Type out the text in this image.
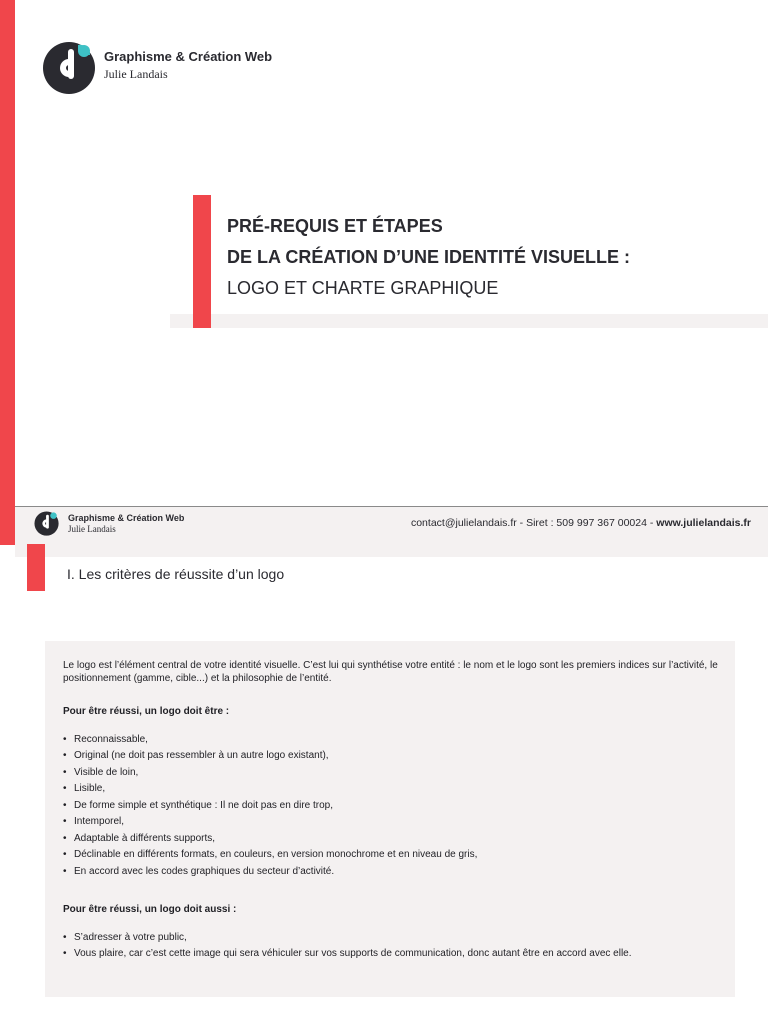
Graphisme & Création Web
Julie Landais
PRÉ-REQUIS ET ÉTAPES
DE LA CRÉATION D’UNE IDENTITÉ VISUELLE :
LOGO ET CHARTE GRAPHIQUE
Graphisme & Création Web
Julie Landais	contact@julielandais.fr - Siret : 509 997 367 00024 - www.julielandais.fr
I. Les critères de réussite d’un logo

Le logo est l’élément central de votre identité visuelle. C’est lui qui synthétise votre entité : le nom et le logo sont les premiers indices sur l’activité, le positionnement (gamme, cible...) et la philosophie de l’entité.

Pour être réussi, un logo doit être :

• Reconnaissable,
• Original (ne doit pas ressembler à un autre logo existant),
• Visible de loin,
• Lisible,
• De forme simple et synthétique : Il ne doit pas en dire trop,
• Intemporel,
• Adaptable à différents supports,
• Déclinable en différents formats, en couleurs, en version monochrome et en niveau de gris,
• En accord avec les codes graphiques du secteur d’activité.

Pour être réussi, un logo doit aussi :

• S’adresser à votre public,
• Vous plaire, car c’est cette image qui sera véhiculer sur vos supports de communication, donc autant être en accord avec elle.
